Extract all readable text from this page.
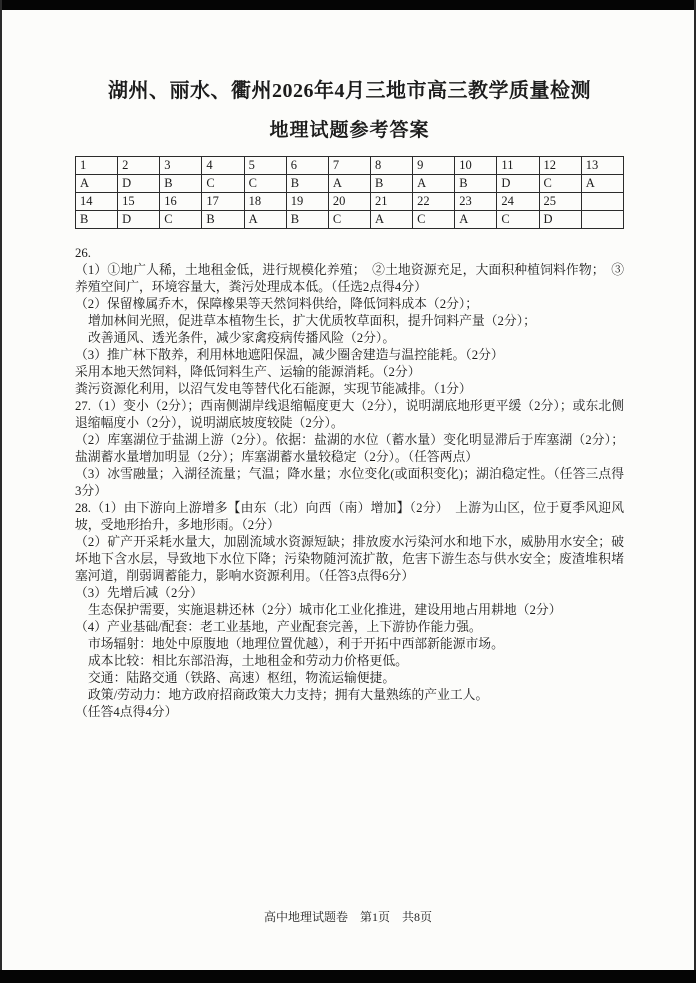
湖州、丽水、衢州2026年4月三地市高三教学质量检测
地理试题参考答案
1	2	3	4	5	6	7	8	9	10	11	12	13
A	D	B	C	C	B	A	B	A	B	D	C	A
14	15	16	17	18	19	20	21	22	23	24	25	
B	D	C	B	A	B	C	A	C	A	C	D	

26.

（1）①地广人稀，土地租金低，进行规模化养殖；　②土地资源充足，大面积种植饲料作物；　③养殖空间广，环境容量大，粪污处理成本低。（任选2点得4分）

（2）保留橡属乔木，保障橡果等天然饲料供给，降低饲料成本（2分）；

增加林间光照，促进草本植物生长，扩大优质牧草面积，提升饲料产量（2分）；

改善通风、透光条件，减少家禽疫病传播风险（2分）。

（3）推广林下散养，利用林地遮阳保温，减少圈舍建造与温控能耗。（2分）

采用本地天然饲料，降低饲料生产、运输的能源消耗。（2分）

粪污资源化利用，以沼气发电等替代化石能源，实现节能减排。（1分）

27.（1）变小（2分）；西南侧湖岸线退缩幅度更大（2分），说明湖底地形更平缓（2分）；或东北侧退缩幅度小（2分），说明湖底坡度较陡（2分）。

（2）库塞湖位于盐湖上游（2分）。依据：盐湖的水位（蓄水量）变化明显滞后于库塞湖（2分）；盐湖蓄水量增加明显（2分）；库塞湖蓄水量较稳定（2分）。（任答两点）

（3）冰雪融量；入湖径流量；气温；降水量；水位变化(或面积变化)；湖泊稳定性。（任答三点得3分）

28.（1）由下游向上游增多【由东（北）向西（南）增加】（2分）　上游为山区，位于夏季风迎风坡，受地形抬升，多地形雨。（2分）

（2）矿产开采耗水量大，加剧流域水资源短缺；排放废水污染河水和地下水，威胁用水安全；破坏地下含水层，导致地下水位下降；污染物随河流扩散，危害下游生态与供水安全；废渣堆积堵塞河道，削弱调蓄能力，影响水资源利用。（任答3点得6分）

（3）先增后减（2分）

生态保护需要，实施退耕还林（2分）城市化工业化推进，建设用地占用耕地（2分）

（4）产业基础/配套：老工业基地，产业配套完善，上下游协作能力强。

市场辐射：地处中原腹地（地理位置优越），利于开拓中西部新能源市场。

成本比较：相比东部沿海，土地租金和劳动力价格更低。

交通：陆路交通（铁路、高速）枢纽，物流运输便捷。

政策/劳动力：地方政府招商政策大力支持；拥有大量熟练的产业工人。

（任答4点得4分）

高中地理试题卷　第1页　共8页
